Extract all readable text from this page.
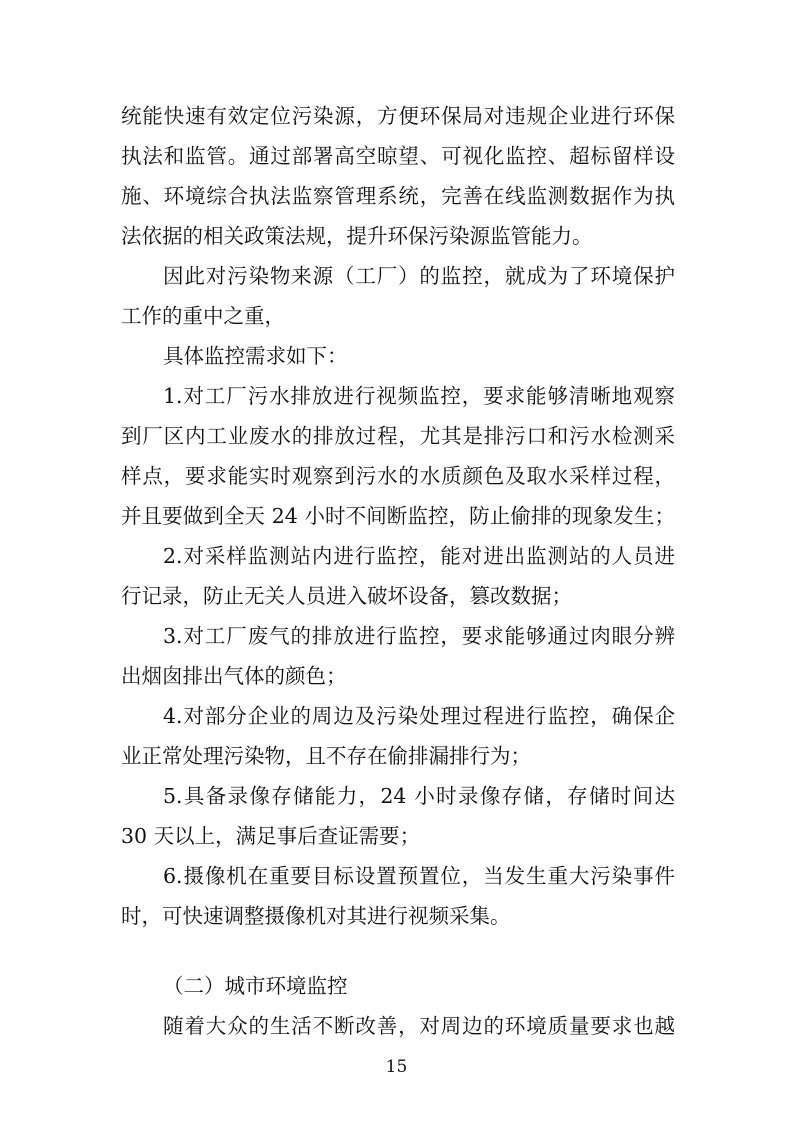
统能快速有效定位污染源，方便环保局对违规企业进行环保
执法和监管。通过部署高空晾望、可视化监控、超标留样设
施、环境综合执法监察管理系统，完善在线监测数据作为执
法依据的相关政策法规，提升环保污染源监管能力。
因此对污染物来源（工厂）的监控，就成为了环境保护
工作的重中之重，
具体监控需求如下：
1.对工厂污水排放进行视频监控，要求能够清晰地观察
到厂区内工业废水的排放过程，尤其是排污口和污水检测采
样点，要求能实时观察到污水的水质颜色及取水采样过程，
并且要做到全天 24 小时不间断监控，防止偷排的现象发生；
2.对采样监测站内进行监控，能对进出监测站的人员进
行记录，防止无关人员进入破坏设备，篡改数据；
3.对工厂废气的排放进行监控，要求能够通过肉眼分辨
出烟囱排出气体的颜色；
4.对部分企业的周边及污染处理过程进行监控，确保企
业正常处理污染物，且不存在偷排漏排行为；
5.具备录像存储能力，24 小时录像存储，存储时间达
30 天以上，满足事后查证需要；
6.摄像机在重要目标设置预置位，当发生重大污染事件
时，可快速调整摄像机对其进行视频采集。
（二）城市环境监控
随着大众的生活不断改善，对周边的环境质量要求也越
15
